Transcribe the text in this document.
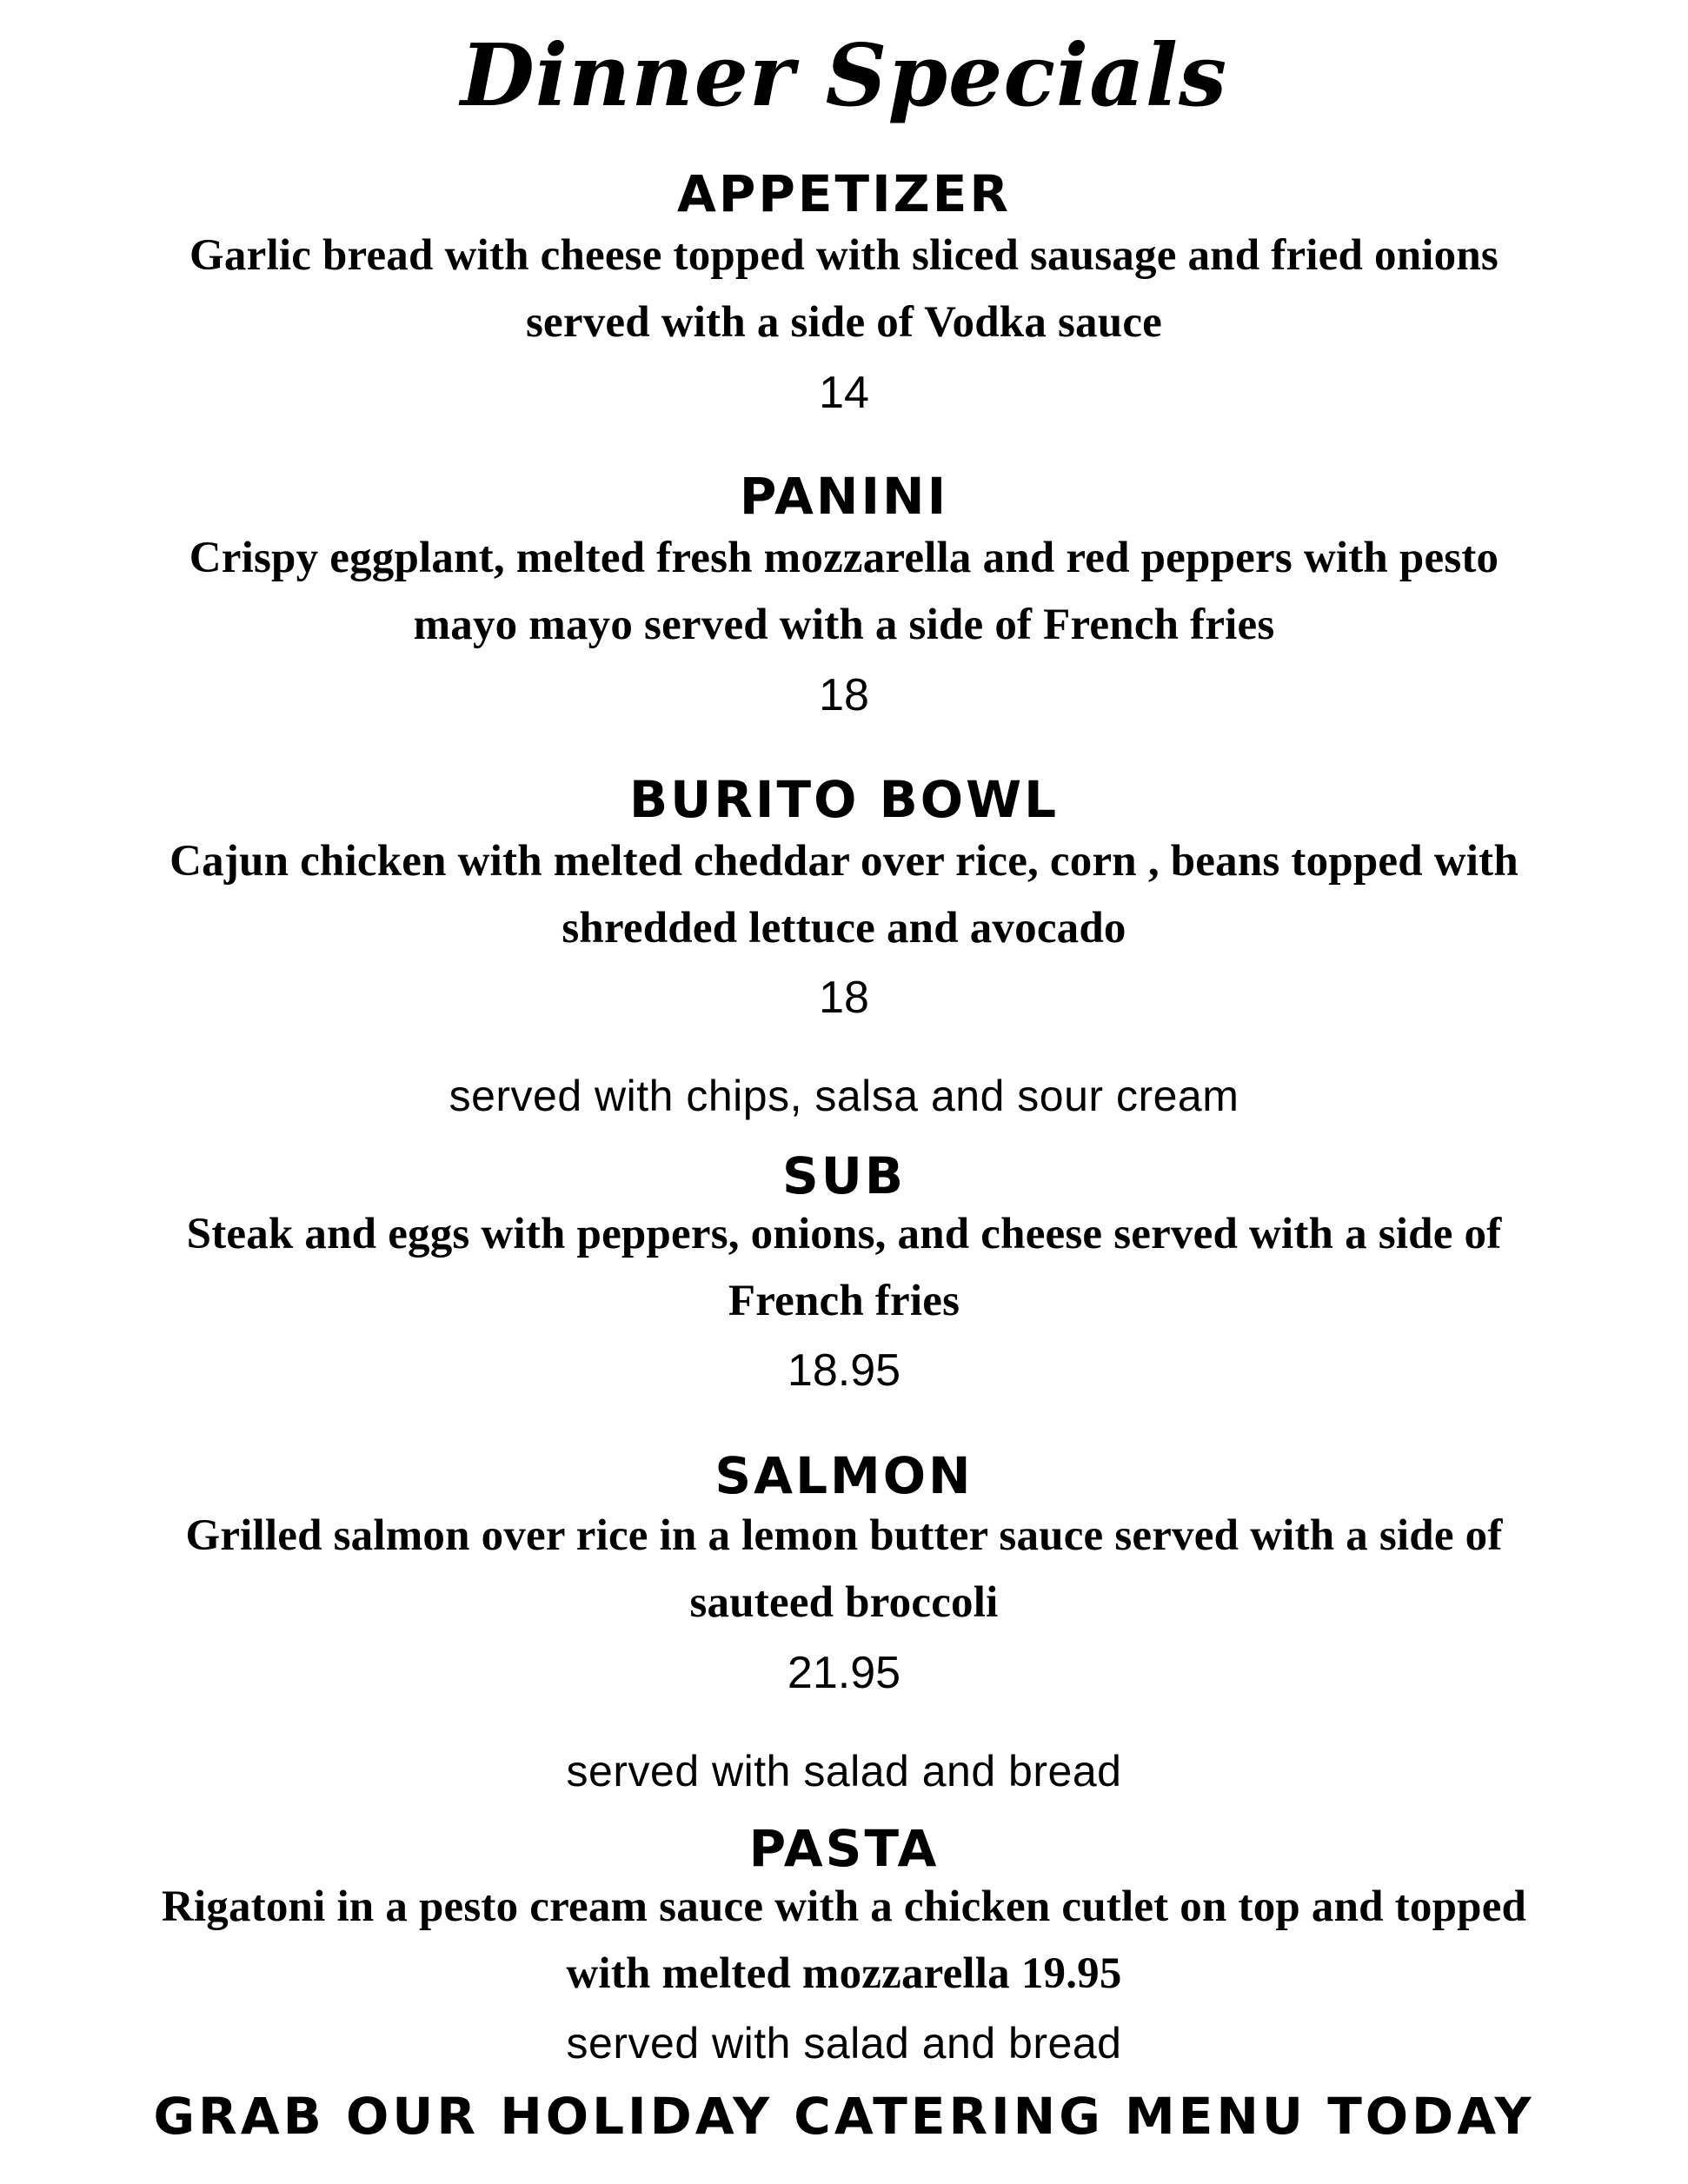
Dinner Specials
APPETIZER
Garlic bread with cheese topped with sliced sausage and fried onions
served with a side of Vodka sauce
14
PANINI
Crispy eggplant, melted fresh mozzarella and red peppers with pesto
mayo mayo served with a side of French fries
18
BURITO BOWL
Cajun chicken with melted cheddar over rice, corn , beans topped with
shredded lettuce and avocado
18
served with chips, salsa and sour cream
SUB
Steak and eggs with peppers, onions, and cheese served with a side of
French fries
18.95
SALMON
Grilled salmon over rice in a lemon butter sauce served with a side of
sauteed broccoli
21.95
served with salad and bread
PASTA
Rigatoni in a pesto cream sauce with a chicken cutlet on top and topped
with melted mozzarella 19.95
served with salad and bread
GRAB OUR HOLIDAY CATERING MENU TODAY
